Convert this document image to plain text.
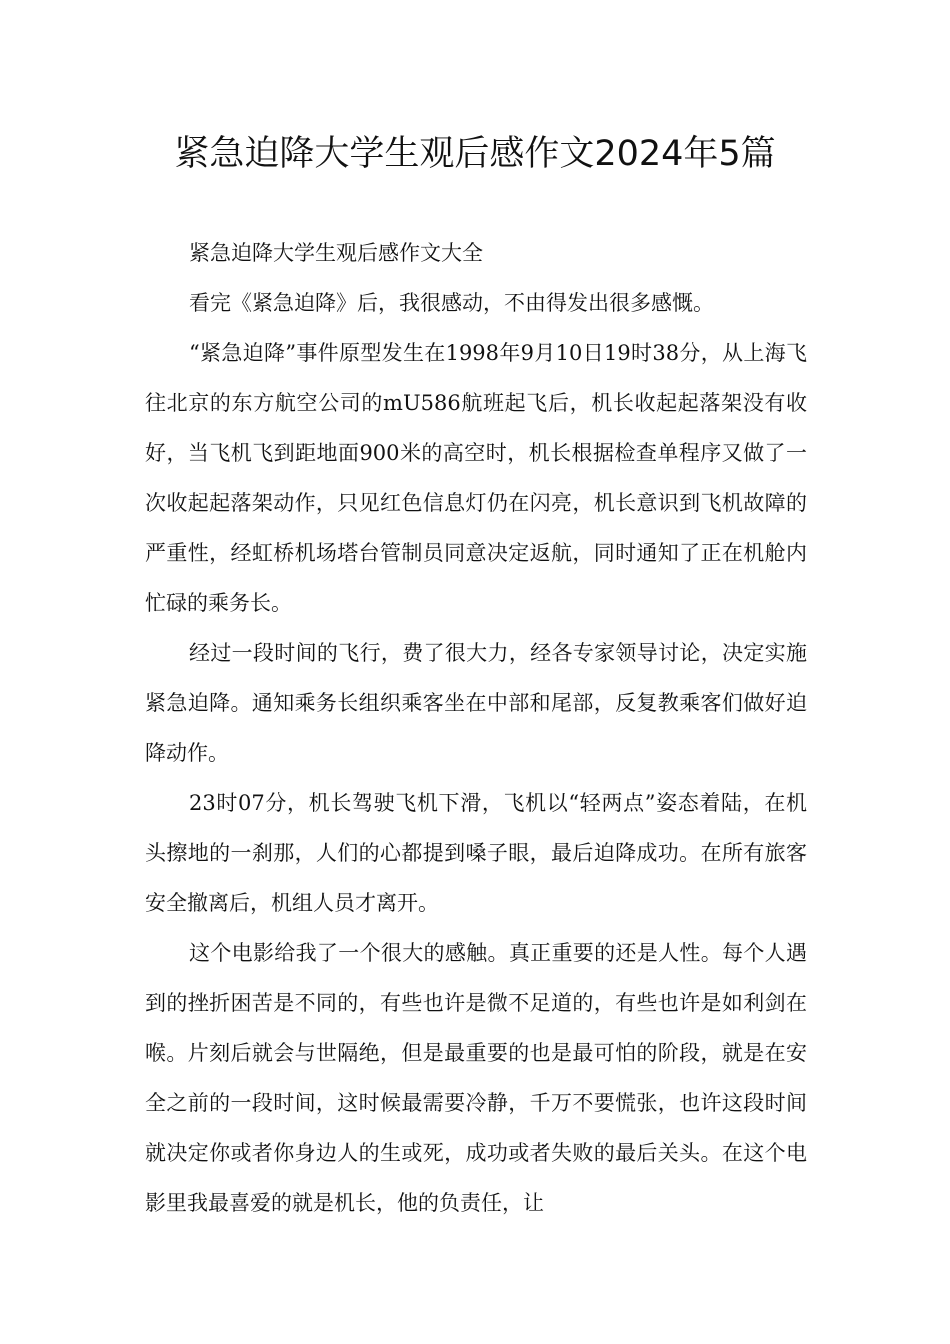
紧急迫降大学生观后感作文2024年5篇

紧急迫降大学生观后感作文大全

看完《紧急迫降》后，我很感动，不由得发出很多感慨。

“紧急迫降”事件原型发生在1998年9月10日19时38分，从上海飞往北京的东方航空公司的mU586航班起飞后，机长收起起落架没有收好，当飞机飞到距地面900米的高空时，机长根据检查单程序又做了一次收起起落架动作，只见红色信息灯仍在闪亮，机长意识到飞机故障的严重性，经虹桥机场塔台管制员同意决定返航，同时通知了正在机舱内忙碌的乘务长。

经过一段时间的飞行，费了很大力，经各专家领导讨论，决定实施紧急迫降。通知乘务长组织乘客坐在中部和尾部，反复教乘客们做好迫降动作。

23时07分，机长驾驶飞机下滑，飞机以“轻两点”姿态着陆，在机头擦地的一刹那，人们的心都提到嗓子眼，最后迫降成功。在所有旅客安全撤离后，机组人员才离开。

这个电影给我了一个很大的感触。真正重要的还是人性。每个人遇到的挫折困苦是不同的，有些也许是微不足道的，有些也许是如利剑在喉。片刻后就会与世隔绝，但是最重要的也是最可怕的阶段，就是在安全之前的一段时间，这时候最需要冷静，千万不要慌张，也许这段时间就决定你或者你身边人的生或死，成功或者失败的最后关头。在这个电影里我最喜爱的就是机长，他的负责任，让
